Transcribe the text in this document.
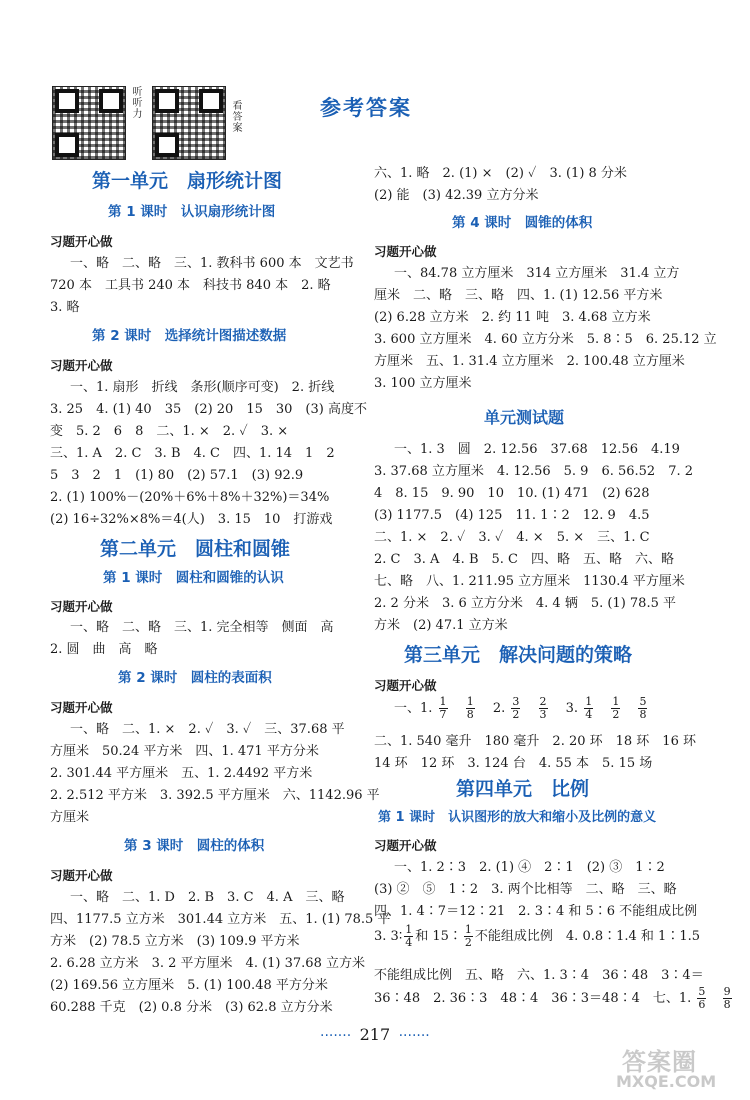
听听力	看答案	参考答案
第一单元　扇形统计图
第 1 课时　认识扇形统计图
习题开心做
一、略　二、略　三、1. 教科书 600 本　文艺书
720 本　工具书 240 本　科技书 840 本　2. 略
3. 略
第 2 课时　选择统计图描述数据
习题开心做
一、1. 扇形　折线　条形(顺序可变)　2. 折线
3. 25　4. (1) 40　35　(2) 20　15　30　(3) 高度不
变　5. 2　6　8　二、1. ×　2. ✓　3. ×
三、1. A　2. C　3. B　4. C　四、1. 14　1　2
5　3　2　1　(1) 80　(2) 57.1　(3) 92.9
2. (1) 100%－(20%＋6%＋8%＋32%)＝34%
(2) 16÷32%×8%＝4(人)　3. 15　10　打游戏
第二单元　圆柱和圆锥
第 1 课时　圆柱和圆锥的认识
习题开心做
一、略　二、略　三、1. 完全相等　侧面　高
2. 圆　曲　高　略
第 2 课时　圆柱的表面积
习题开心做
一、略　二、1. ×　2. ✓　3. ✓　三、37.68 平
方厘米　50.24 平方米　四、1. 471 平方分米
2. 301.44 平方厘米　五、1. 2.4492 平方米
2. 2.512 平方米　3. 392.5 平方厘米　六、1142.96 平
方厘米
第 3 课时　圆柱的体积
习题开心做
一、略　二、1. D　2. B　3. C　4. A　三、略
四、1177.5 立方米　301.44 立方米　五、1. (1) 78.5 平
方米　(2) 78.5 立方米　(3) 109.9 平方米
2. 6.28 立方米　3. 2 平方厘米　4. (1) 37.68 立方米
(2) 169.56 立方厘米　5. (1) 100.48 平方分米
60.288 千克　(2) 0.8 分米　(3) 62.8 立方分米
六、1. 略　2. (1) ×　(2) ✓　3. (1) 8 分米
(2) 能　(3) 42.39 立方分米
第 4 课时　圆锥的体积
习题开心做
一、84.78 立方厘米　314 立方厘米　31.4 立方
厘米　二、略　三、略　四、1. (1) 12.56 平方米
(2) 6.28 立方米　2. 约 11 吨　3. 4.68 立方米
3. 600 立方厘米　4. 60 立方分米　5. 8∶5　6. 25.12 立
方厘米　五、1. 31.4 立方厘米　2. 100.48 立方厘米
3. 100 立方厘米
单元测试题
一、1. 3　圆　2. 12.56　37.68　12.56　4.19
3. 37.68 立方厘米　4. 12.56　5. 9　6. 56.52　7. 2
4　8. 15　9. 90　10　10. (1) 471　(2) 628
(3) 1177.5　(4) 125　11. 1∶2　12. 9　4.5
二、1. ×　2. ✓　3. ✓　4. ×　5. ×　三、1. C
2. C　3. A　4. B　5. C　四、略　五、略　六、略
七、略　八、1. 211.95 立方厘米　1130.4 平方厘米
2. 2 分米　3. 6 立方分米　4. 4 辆　5. (1) 78.5 平
方米　(2) 47.1 立方米
第三单元　解决问题的策略
习题开心做
一、1. $\frac{1}{7}$
$\frac{1}{8} 2$. $\frac{3}{2}$
$\frac{2}{3} 3$. $\frac{1}{4}$
$\frac{1}{2}$
$\frac{5}{8}$
二、1. 540 毫升　180 毫升　2. 20 环　18 环　16 环
14 环　12 环　3. 124 台　4. 55 本　5. 15 场
第四单元　比例
第 1 课时　认识图形的放大和缩小及比例的意义
习题开心做
一、1. 2∶3　2. (1) ④　2∶1　(2) ③　1∶2
(3) ②　⑤　1∶2　3. 两个比相等　二、略　三、略
四、1. 4∶7＝12∶21　2. 3∶4 和 5∶6 不能组成比例
3. 3∶ $\frac{1}{4}$ 和 15∶ $\frac{1}{2}$ 不能组成比例　4. 0.8∶1.4 和 1∶1.5
不能组成比例　五、略　六、1. 3∶4　36∶48　3∶4＝
36∶48　2. 36∶3　48∶4　36∶3＝48∶4　七、1. $\frac{5}{6}$
$\frac{9}{8}$
······· 217 ·······
答案圈
MXQE.COM
